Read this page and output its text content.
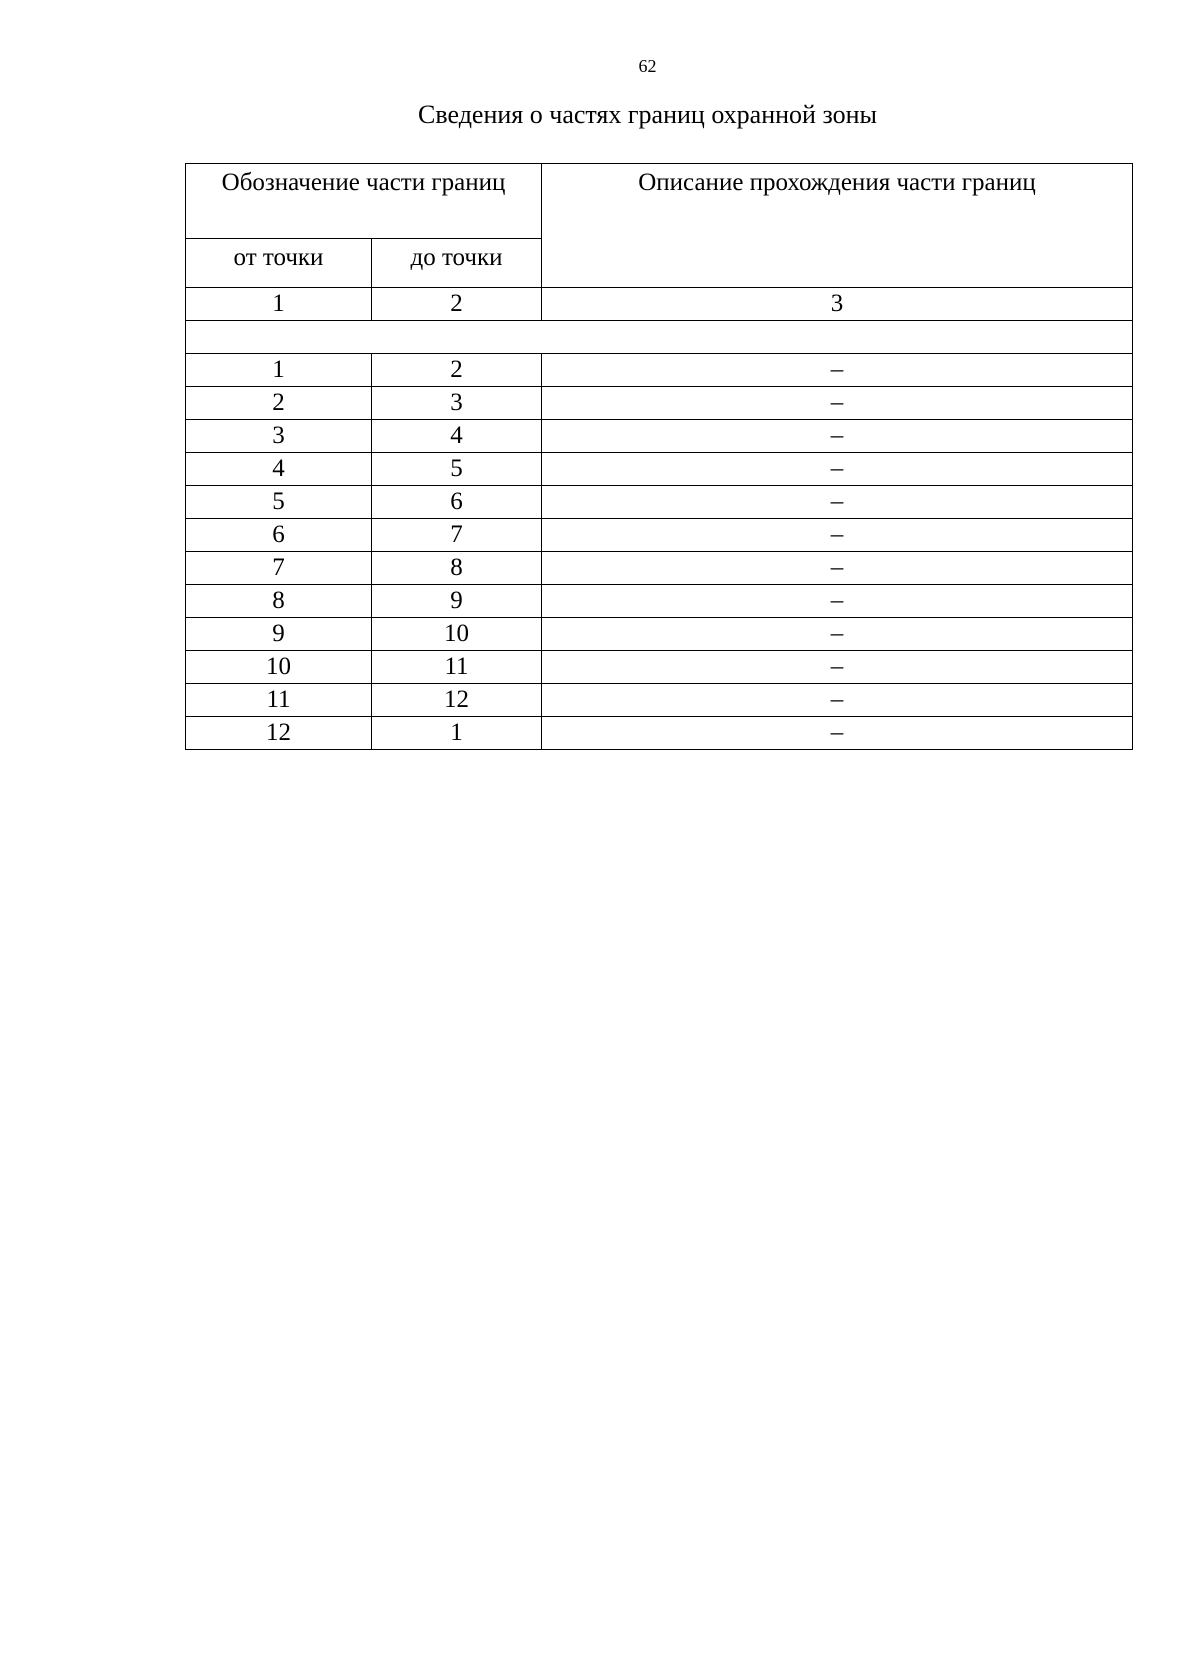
62
Сведения о частях границ охранной зоны
Обозначение части границ		Описание прохождения части границ
от точки	до точки	
1	2	3

1	2	–
2	3	–
3	4	–
4	5	–
5	6	–
6	7	–
7	8	–
8	9	–
9	10	–
10	11	–
11	12	–
12	1	–
